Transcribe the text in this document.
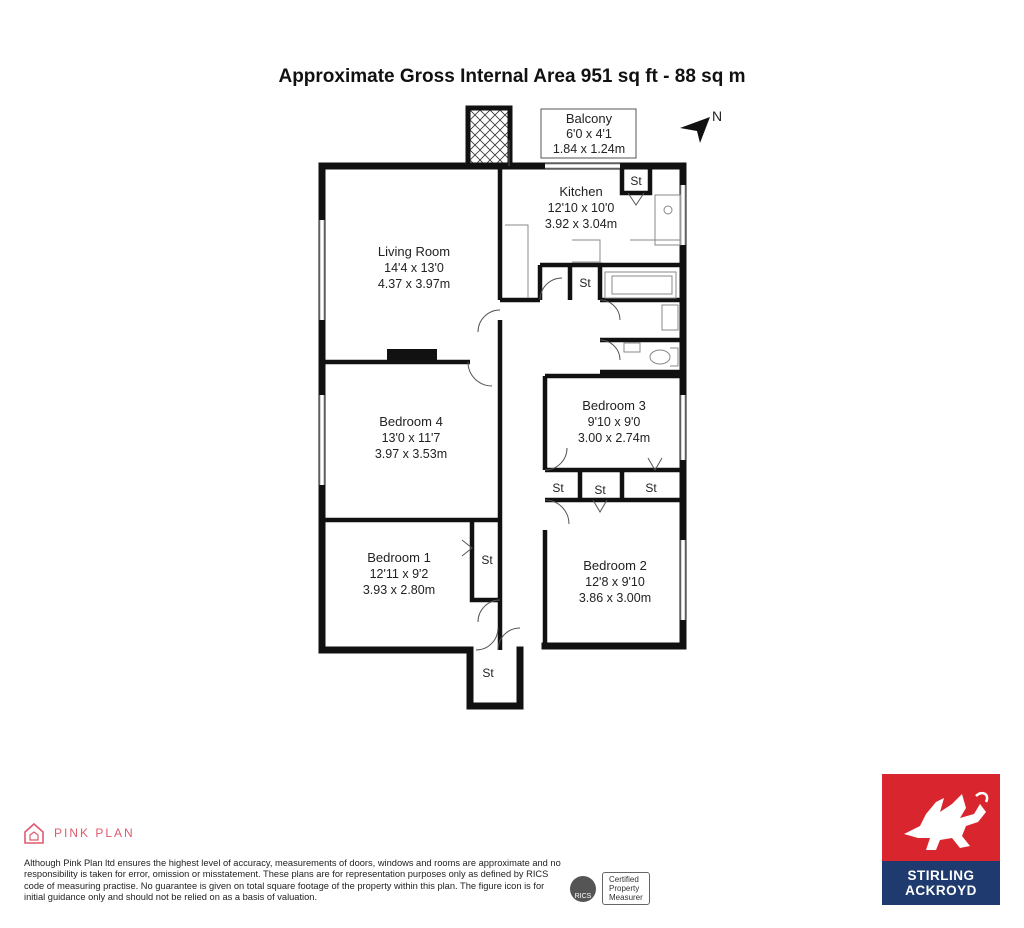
Approximate Gross Internal Area 951 sq ft - 88 sq m
N
Balcony
6'0 x 4'1
1.84 x 1.24m
Kitchen
12'10 x 10'0
3.92 x 3.04m
Living Room
14'4 x 13'0
4.37 x 3.97m
Bedroom 4
13'0 x 11'7
3.97 x 3.53m
Bedroom 3
9'10 x 9'0
3.00 x 2.74m
Bedroom 1
12'11 x 9'2
3.93 x 2.80m
Bedroom 2
12'8 x 9'10
3.86 x 3.00m
St
St
St	St	St
St
St
PINK PLAN
Although Pink Plan ltd ensures the highest level of accuracy, measurements of doors, windows and rooms are approximate and no responsibility is taken for error, omission or misstatement. These plans are for representation purposes only as defined by RICS code of measuring practise. No guarantee is given on total square footage of the property within this plan. The figure icon is for initial guidance only and should not be relied on as a basis of valuation.	RICS
Certified
Property
Measurer
STIRLING
ACKROYD
